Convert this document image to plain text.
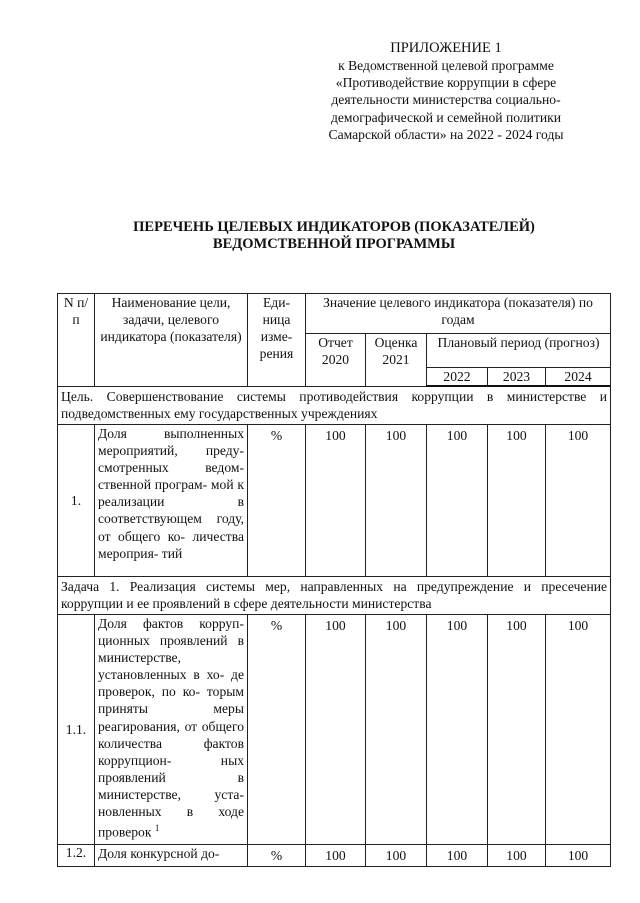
ПРИЛОЖЕНИЕ 1
к Ведомственной целевой программе
«Противодействие коррупции в сфере
деятельности министерства социально-
демографической и семейной политики
Самарской области» на 2022 - 2024 годы
ПЕРЕЧЕНЬ ЦЕЛЕВЫХ ИНДИКАТОРОВ (ПОКАЗАТЕЛЕЙ)
ВЕДОМСТВЕННОЙ ПРОГРАММЫ
N п/п	Наименование цели, задачи, целевого индикатора (показателя)	Еди- ница изме- рения	Значение целевого индикатора (показателя) по годам				
			Отчет 2020	Оценка 2021	Плановый период (прогноз)		
					2022	2023	2024
Цель. Совершенствование системы противодействия коррупции в министерстве и подведомственных ему государственных учреждениях							
1.	Доля выполненных мероприятий, преду- смотренных ведом- ственной програм- мой к реализации в соответствующем году, от общего ко- личества мероприя- тий	%	100	100	100	100	100
Задача 1. Реализация системы мер, направленных на предупреждение и пресечение коррупции и ее проявлений в сфере деятельности министерства							
1.1.	Доля фактов корруп- ционных проявлений в министерстве, установленных в хо- де проверок, по ко- торым приняты меры реагирования, от общего количества фактов коррупцион- ных проявлений в министерстве, уста- новленных в ходе проверок $^1$	%	100	100	100	100	100
1.2.	Доля конкурсной до-	%	100	100	100	100	100
